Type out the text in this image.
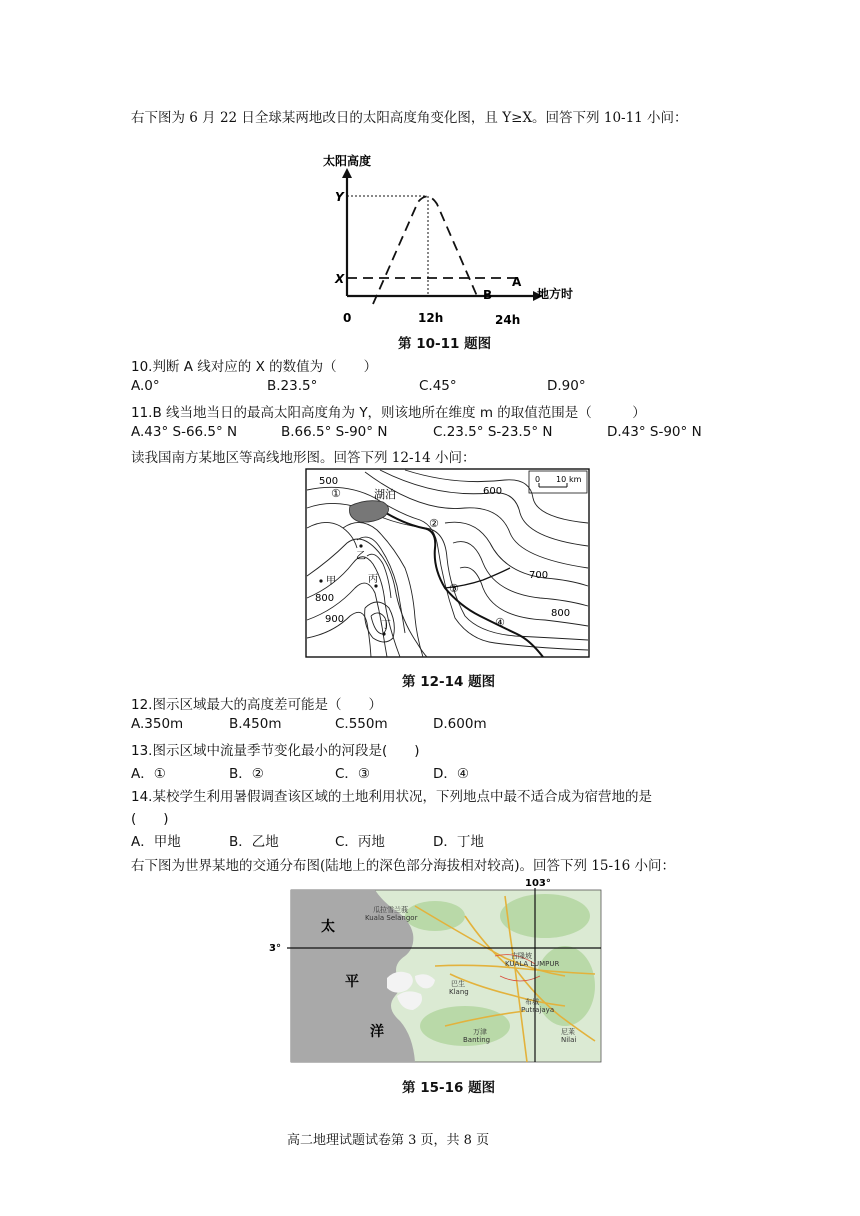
右下图为 6 月 22 日全球某两地改日的太阳高度角变化图，且 Y≥X。回答下列 10-11 小问：
太阳高度
地方时
Y
X	A
B
0	12h	24h
第 10-11 题图
10.判断 A 线对应的 X 的数值为（　　）
A.0°	B.23.5°	C.45°	D.90°
11.B 线当地当日的最高太阳高度角为 Y，则该地所在维度 m 的取值范围是（　　　）
A.43° S-66.5° N	B.66.5° S-90° N	C.23.5° S-23.5° N	D.43° S-90° N
读我国南方某地区等高线地形图。回答下列 12-14 小问：
0 10 km
湖泊
500
600
700
800
800
900
①
②
③
④
甲
乙
丙
丁
第 12-14 题图
12.图示区域最大的高度差可能是（　　）
A.350m	B.450m	C.550m	D.600m
13.图示区域中流量季节变化最小的河段是(　　)
A．①	B．②	C．③	D．④
14.某校学生利用暑假调查该区域的土地利用状况，下列地点中最不适合成为宿营地的是
(　　)
A．甲地	B．乙地	C．丙地	D．丁地
右下图为世界某地的交通分布图(陆地上的深色部分海拔相对较高)。回答下列 15-16 小问：
103°
3°
太
平
洋
瓜拉雪兰莪
Kuala Selangor
吉隆坡
KUALA LUMPUR
巴生
Klang
布城
Putrajaya
万津
Banting
尼莱
Nilai
第 15-16 题图
高二地理试题试卷第 3 页，共 8 页
